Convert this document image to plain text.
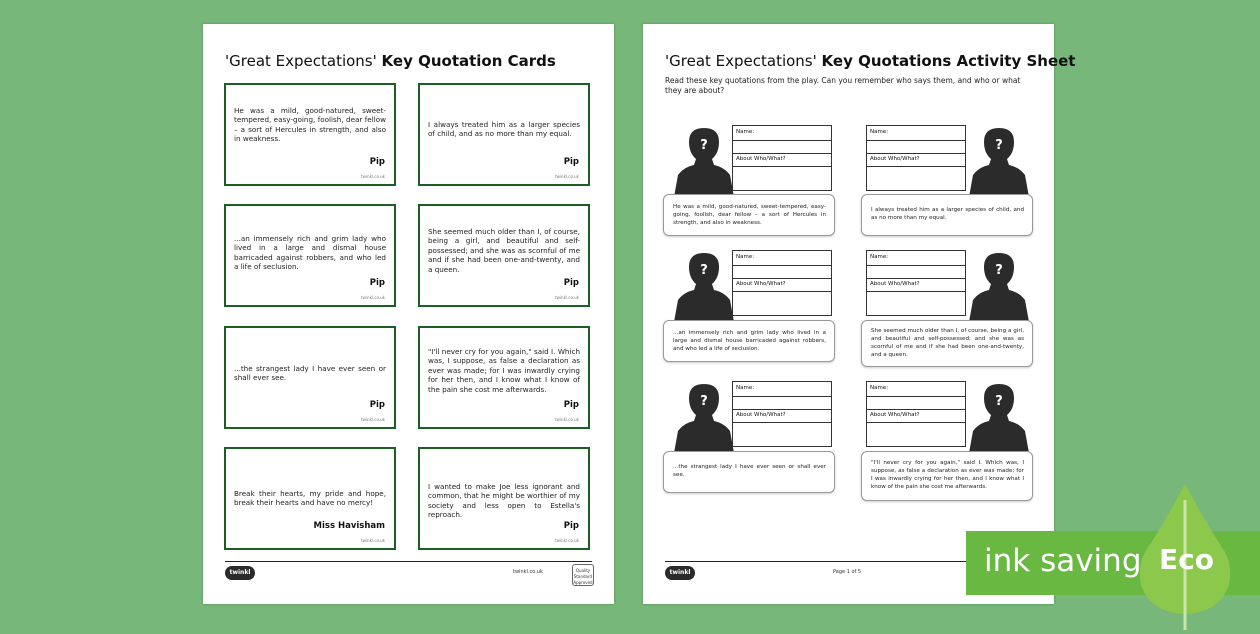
'Great Expectations' Key Quotation Cards
He was a mild, good-natured, sweet-tempered, easy-going, foolish, dear fellow – a sort of Hercules in strength, and also in weakness.
Pip
twinkl.co.uk
I always treated him as a larger species of child, and as no more than my equal.
Pip
twinkl.co.uk
...an immensely rich and grim lady who lived in a large and dismal house barricaded against robbers, and who led a life of seclusion.
Pip
twinkl.co.uk
She seemed much older than I, of course, being a girl, and beautiful and self-possessed; and she was as scornful of me and if she had been one-and-twenty, and a queen.
Pip
twinkl.co.uk
...the strangest lady I have ever seen or shall ever see.
Pip
twinkl.co.uk
"I'll never cry for you again," said I. Which was, I suppose, as false a declaration as ever was made; for I was inwardly crying for her then, and I know what I know of the pain she cost me afterwards.
Pip
twinkl.co.uk
Break their hearts, my pride and hope, break their hearts and have no mercy!
Miss Havisham
twinkl.co.uk
I wanted to make Joe less ignorant and common, that he might be worthier of my society and less open to Estella's reproach.
Pip
twinkl.co.uk
twinkl	twinkl.co.uk	Quality Standard Approved
'Great Expectations' Key Quotations Activity Sheet
Read these key quotations from the play. Can you remember who says them, and who or what they are about?
?
Name:
About Who/What?
He was a mild, good-natured, sweet-tempered, easy-going, foolish, dear fellow – a sort of Hercules in strength, and also in weakness.
Name:
About Who/What?
?
I always treated him as a larger species of child, and as no more than my equal.
?
Name:
About Who/What?
...an immensely rich and grim lady who lived in a large and dismal house barricaded against robbers, and who led a life of seclusion.
Name:
About Who/What?
?
She seemed much older than I, of course, being a girl, and beautiful and self-possessed; and she was as scornful of me and if she had been one-and-twenty, and a queen.
?
Name:
About Who/What?
...the strangest lady I have ever seen or shall ever see.
Name:
About Who/What?
?
"I'll never cry for you again," said I. Which was, I suppose, as false a declaration as ever was made; for I was inwardly crying for her then, and I know what I know of the pain she cost me afterwards.
twinkl	Page 1 of 5	ink saving Eco
